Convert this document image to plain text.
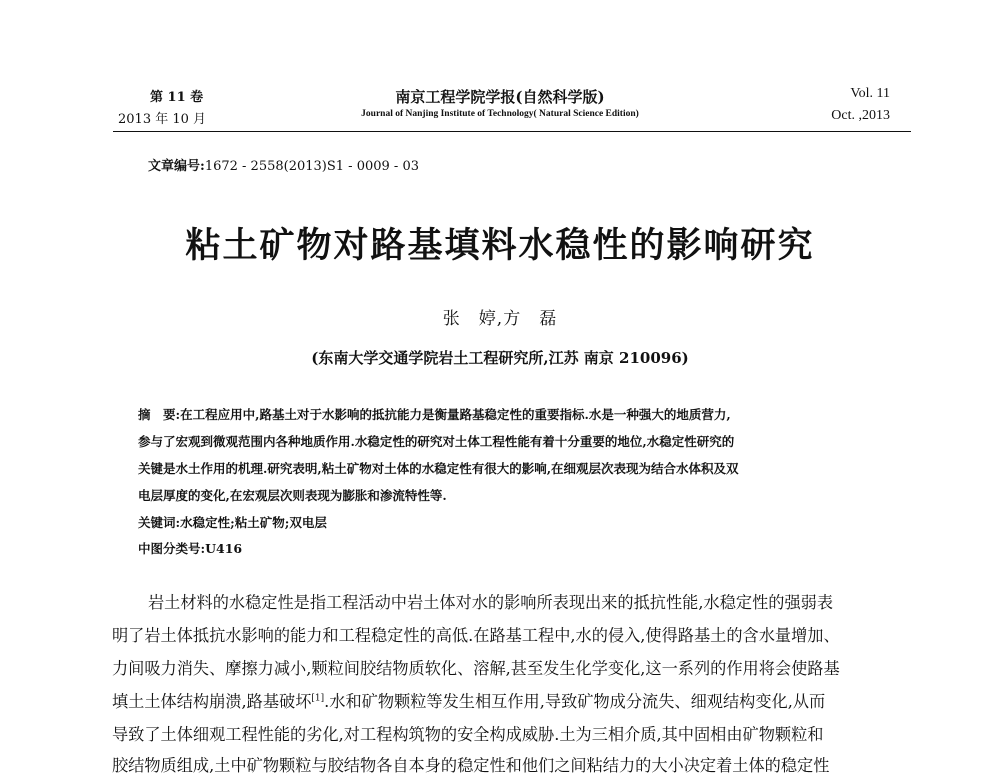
第 11 卷
2013 年 10 月
南京工程学院学报(自然科学版)
Journal of Nanjing Institute of Technology( Natural Science Edition)
Vol. 11
Oct. ,2013
文章编号:1672 - 2558(2013)S1 - 0009 - 03
粘土矿物对路基填料水稳性的影响研究
张　婷,方　磊
(东南大学交通学院岩土工程研究所,江苏 南京 210096)
摘　要:在工程应用中,路基土对于水影响的抵抗能力是衡量路基稳定性的重要指标.水是一种强大的地质营力,
参与了宏观到微观范围内各种地质作用.水稳定性的研究对土体工程性能有着十分重要的地位,水稳定性研究的
关键是水土作用的机理.研究表明,粘土矿物对土体的水稳定性有很大的影响,在细观层次表现为结合水体积及双
电层厚度的变化,在宏观层次则表现为膨胀和渗流特性等.
关键词:水稳定性;粘土矿物;双电层
中图分类号:U416
岩土材料的水稳定性是指工程活动中岩土体对水的影响所表现出来的抵抗性能,水稳定性的强弱表
明了岩土体抵抗水影响的能力和工程稳定性的高低.在路基工程中,水的侵入,使得路基土的含水量增加、
力间吸力消失、摩擦力减小,颗粒间胶结物质软化、溶解,甚至发生化学变化,这一系列的作用将会使路基
填土土体结构崩溃,路基破坏[1].水和矿物颗粒等发生相互作用,导致矿物成分流失、细观结构变化,从而
导致了土体细观工程性能的劣化,对工程构筑物的安全构成威胁.土为三相介质,其中固相由矿物颗粒和
胶结物质组成,土中矿物颗粒与胶结物各自本身的稳定性和他们之间粘结力的大小决定着土体的稳定性
